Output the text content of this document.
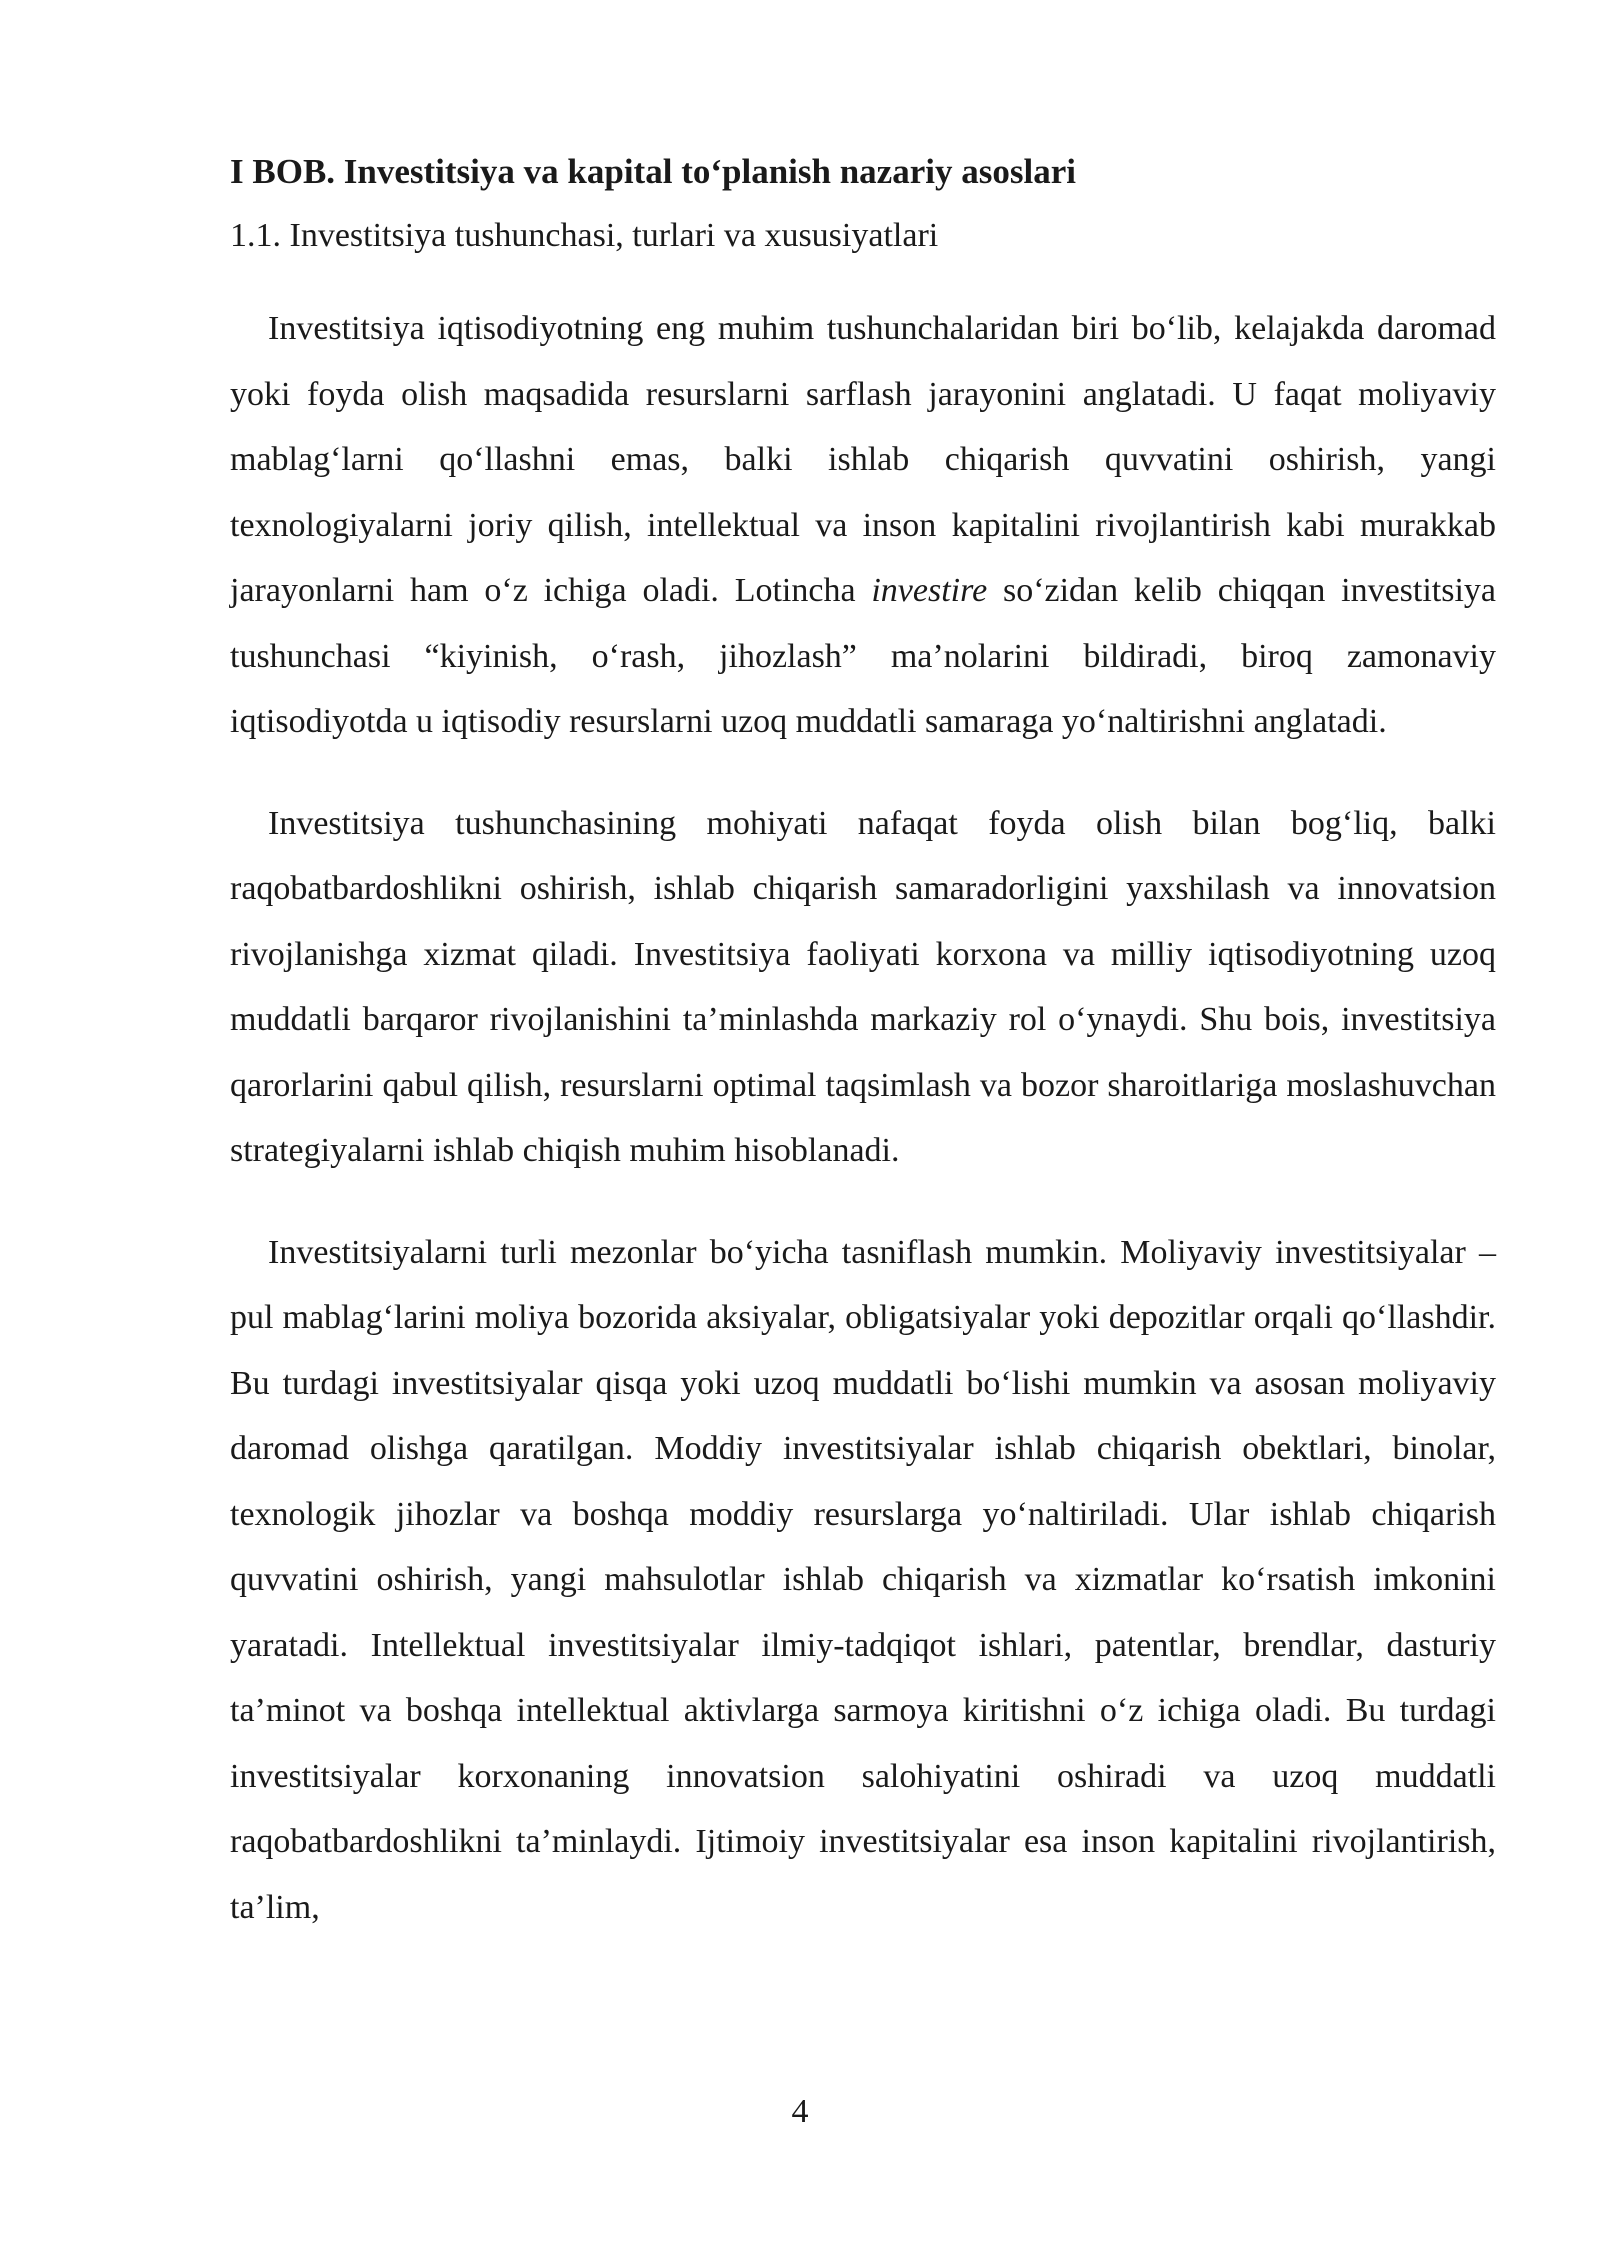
I BOB. Investitsiya va kapital toʻplanish nazariy asoslari
1.1. Investitsiya tushunchasi, turlari va xususiyatlari

Investitsiya iqtisodiyotning eng muhim tushunchalaridan biri boʻlib, kelajakda daromad yoki foyda olish maqsadida resurslarni sarflash jarayonini anglatadi. U faqat moliyaviy mablagʻlarni qoʻllashni emas, balki ishlab chiqarish quvvatini oshirish, yangi texnologiyalarni joriy qilish, intellektual va inson kapitalini rivojlantirish kabi murakkab jarayonlarni ham oʻz ichiga oladi. Lotincha investire soʻzidan kelib chiqqan investitsiya tushunchasi “kiyinish, oʻrash, jihozlash” ma’nolarini bildiradi, biroq zamonaviy iqtisodiyotda u iqtisodiy resurslarni uzoq muddatli samaraga yoʻnaltirishni anglatadi.

Investitsiya tushunchasining mohiyati nafaqat foyda olish bilan bogʻliq, balki raqobatbardoshlikni oshirish, ishlab chiqarish samaradorligini yaxshilash va innovatsion rivojlanishga xizmat qiladi. Investitsiya faoliyati korxona va milliy iqtisodiyotning uzoq muddatli barqaror rivojlanishini ta’minlashda markaziy rol oʻynaydi. Shu bois, investitsiya qarorlarini qabul qilish, resurslarni optimal taqsimlash va bozor sharoitlariga moslashuvchan strategiyalarni ishlab chiqish muhim hisoblanadi.

Investitsiyalarni turli mezonlar boʻyicha tasniflash mumkin. Moliyaviy investitsiyalar – pul mablagʻlarini moliya bozorida aksiyalar, obligatsiyalar yoki depozitlar orqali qoʻllashdir. Bu turdagi investitsiyalar qisqa yoki uzoq muddatli boʻlishi mumkin va asosan moliyaviy daromad olishga qaratilgan. Moddiy investitsiyalar ishlab chiqarish obektlari, binolar, texnologik jihozlar va boshqa moddiy resurslarga yoʻnaltiriladi. Ular ishlab chiqarish quvvatini oshirish, yangi mahsulotlar ishlab chiqarish va xizmatlar koʻrsatish imkonini yaratadi. Intellektual investitsiyalar ilmiy-tadqiqot ishlari, patentlar, brendlar, dasturiy ta’minot va boshqa intellektual aktivlarga sarmoya kiritishni oʻz ichiga oladi. Bu turdagi investitsiyalar korxonaning innovatsion salohiyatini oshiradi va uzoq muddatli raqobatbardoshlikni ta’minlaydi. Ijtimoiy investitsiyalar esa inson kapitalini rivojlantirish, ta’lim,

4
